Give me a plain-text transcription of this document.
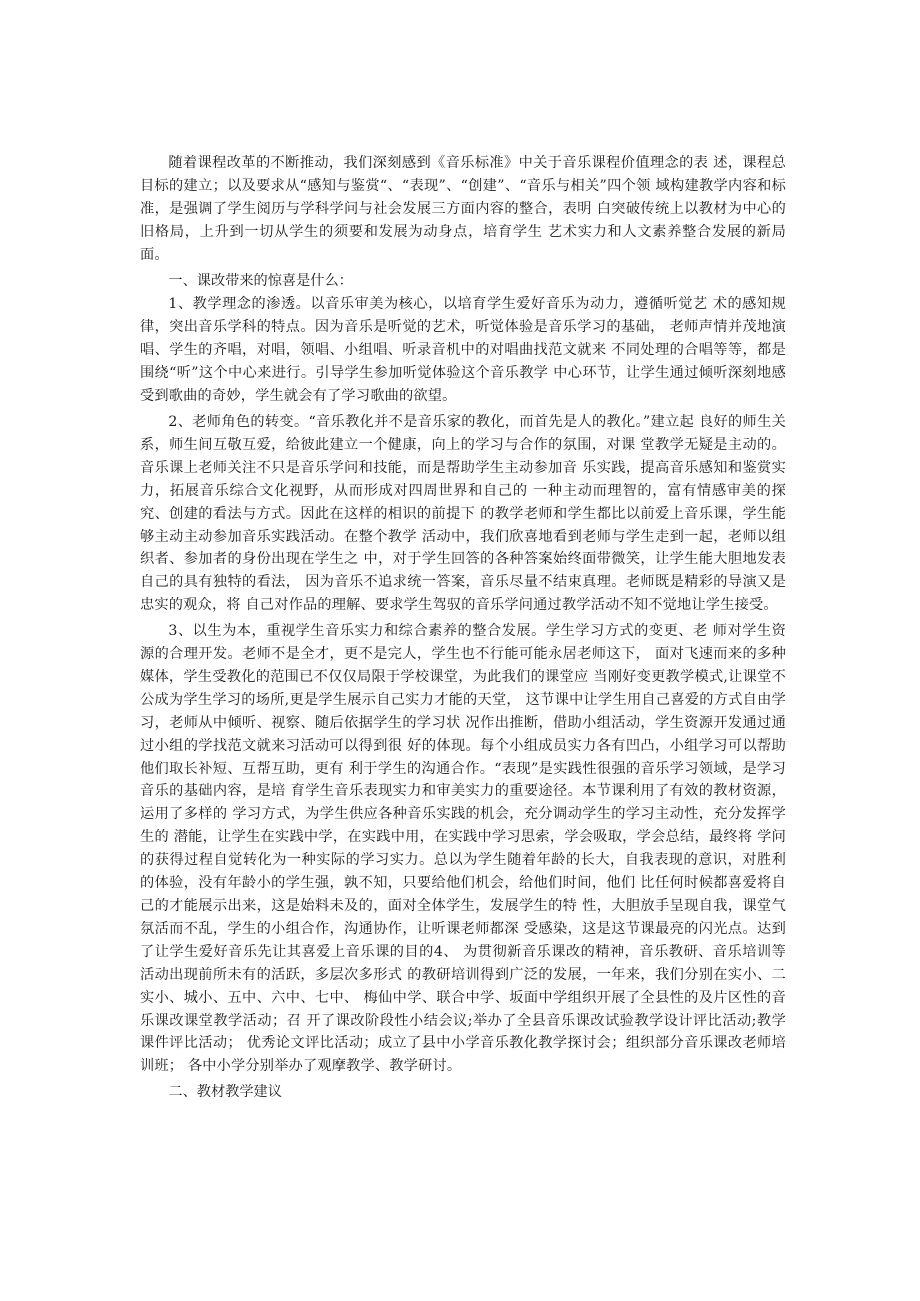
随着课程改革的不断推动，我们深刻感到《音乐标准》中关于音乐课程价值理念的表 述，课程总目标的建立；以及要求从“感知与鉴赏“、“表现”、“创建”、“音乐与相关”四个领 域构建教学内容和标准，是强调了学生阅历与学科学问与社会发展三方面内容的整合，表明 白突破传统上以教材为中心的旧格局，上升到一切从学生的须要和发展为动身点，培育学生 艺术实力和人文素养整合发展的新局面。

一、课改带来的惊喜是什么：

1、教学理念的渗透。以音乐审美为核心，以培育学生爱好音乐为动力，遵循听觉艺 术的感知规律，突出音乐学科的特点。因为音乐是听觉的艺术，听觉体验是音乐学习的基础， 老师声情并茂地演唱、学生的齐唱，对唱，领唱、小组唱、听录音机中的对唱曲找范文就来 不同处理的合唱等等，都是围绕“听”这个中心来进行。引导学生参加听觉体验这个音乐教学 中心环节，让学生通过倾听深刻地感受到歌曲的奇妙，学生就会有了学习歌曲的欲望。

2、老师角色的转变。“音乐教化并不是音乐家的教化，而首先是人的教化。”建立起 良好的师生关系，师生间互敬互爱，给彼此建立一个健康，向上的学习与合作的氛围，对课 堂教学无疑是主动的。音乐课上老师关注不只是音乐学问和技能，而是帮助学生主动参加音 乐实践，提高音乐感知和鉴赏实力，拓展音乐综合文化视野，从而形成对四周世界和自己的 一种主动而理智的，富有情感审美的探究、创建的看法与方式。因此在这样的相识的前提下 的教学老师和学生都比以前爱上音乐课，学生能够主动主动参加音乐实践活动。在整个教学 活动中，我们欣喜地看到老师与学生走到一起，老师以组织者、参加者的身份出现在学生之 中，对于学生回答的各种答案始终面带微笑，让学生能大胆地发表自己的具有独特的看法， 因为音乐不追求统一答案，音乐尽量不结束真理。老师既是精彩的导演又是忠实的观众，将 自己对作品的理解、要求学生驾驭的音乐学问通过教学活动不知不觉地让学生接受。

3、以生为本，重视学生音乐实力和综合素养的整合发展。学生学习方式的变更、老 师对学生资源的合理开发。老师不是全才，更不是完人，学生也不行能可能永居老师这下， 面对飞速而来的多种媒体，学生受教化的范围已不仅仅局限于学校课堂，为此我们的课堂应 当刚好变更教学模式,让课堂不公成为学生学习的场所,更是学生展示自己实力才能的天堂， 这节课中让学生用自己喜爱的方式自由学习，老师从中倾听、视察、随后依据学生的学习状 况作出推断，借助小组活动，学生资源开发通过通过小组的学找范文就来习活动可以得到很 好的体现。每个小组成员实力各有凹凸，小组学习可以帮助他们取长补短、互帮互助，更有 利于学生的沟通合作。“表现”是实践性很强的音乐学习领域，是学习音乐的基础内容，是培 育学生音乐表现实力和审美实力的重要途径。本节课利用了有效的教材资源，运用了多样的 学习方式，为学生供应各种音乐实践的机会，充分调动学生的学习主动性，充分发挥学生的 潜能，让学生在实践中学，在实践中用，在实践中学习思索，学会吸取，学会总结，最终将 学问的获得过程自觉转化为一种实际的学习实力。总以为学生随着年龄的长大，自我表现的意识，对胜利的体验，没有年龄小的学生强，孰不知，只要给他们机会，给他们时间，他们 比任何时候都喜爱将自己的才能展示出来，这是始料未及的，面对全体学生，发展学生的特 性，大胆放手呈现自我，课堂气氛活而不乱，学生的小组合作，沟通协作，让听课老师都深 受感染，这是这节课最亮的闪光点。达到了让学生爱好音乐先让其喜爱上音乐课的目的4、 为贯彻新音乐课改的精神，音乐教研、音乐培训等活动出现前所未有的活跃，多层次多形式 的教研培训得到广泛的发展，一年来，我们分别在实小、二实小、城小、五中、六中、七中、 梅仙中学、联合中学、坂面中学组织开展了全县性的及片区性的音乐课改课堂教学活动；召 开了课改阶段性小结会议;举办了全县音乐课改试验教学设计评比活动;教学课件评比活动； 优秀论文评比活动；成立了县中小学音乐教化教学探讨会；组织部分音乐课改老师培训班； 各中小学分别举办了观摩教学、教学研讨。

二、教材教学建议
